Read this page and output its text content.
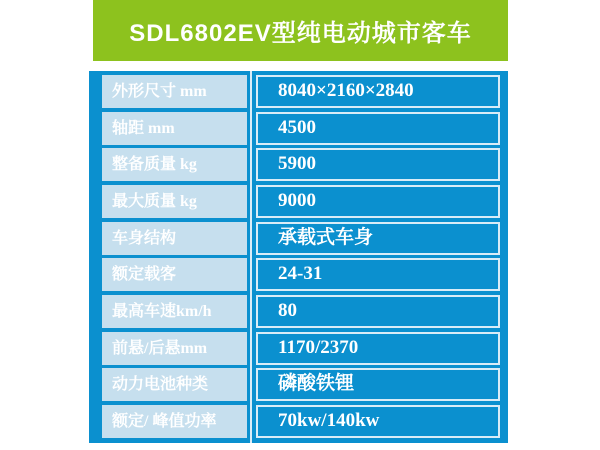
SDL6802EV型纯电动城市客车
外形尺寸 mm	8040×2160×2840
轴距 mm	4500
整备质量 kg	5900
最大质量 kg	9000
车身结构	承载式车身
额定载客	24-31
最高车速km/h	80
前悬/后悬mm	1170/2370
动力电池种类	磷酸铁锂
额定/ 峰值功率	70kw/140kw
